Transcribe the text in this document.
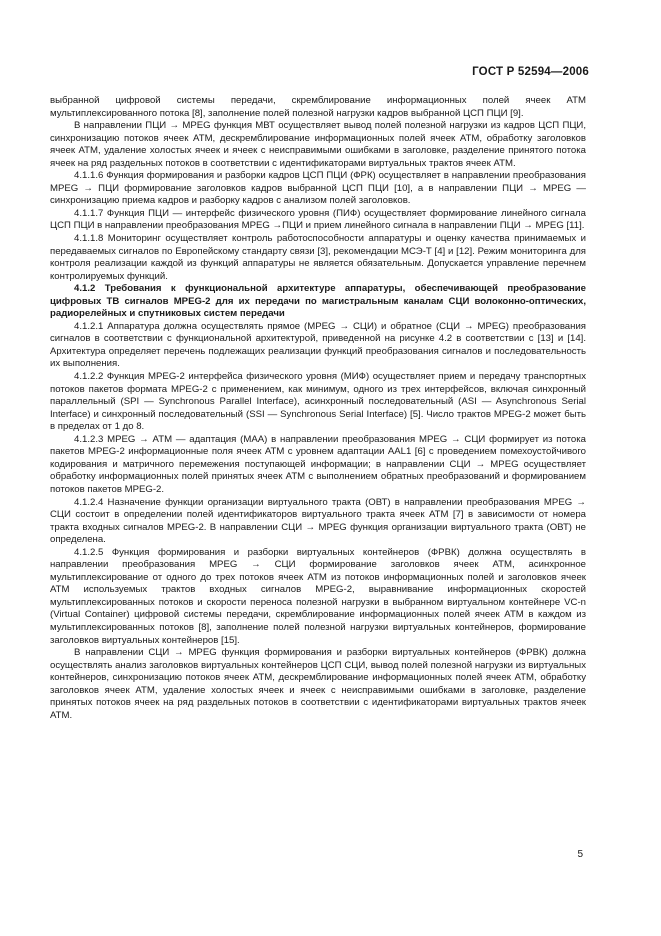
ГОСТ Р 52594—2006

выбранной цифровой системы передачи, скремблирование информационных полей ячеек АТМ мультиплексированного потока [8], заполнение полей полезной нагрузки кадров выбранной ЦСП ПЦИ [9].

В направлении ПЦИ → MPEG функция МВТ осуществляет вывод полей полезной нагрузки из кадров ЦСП ПЦИ, синхронизацию потоков ячеек АТМ, дескремблирование информационных полей ячеек АТМ, обработку заголовков ячеек АТМ, удаление холостых ячеек и ячеек с неисправимыми ошибками в заголовке, разделение принятого потока ячеек на ряд раздельных потоков в соответствии с идентификаторами виртуальных трактов ячеек АТМ.

4.1.1.6 Функция формирования и разборки кадров ЦСП ПЦИ (ФРК) осуществляет в направлении преобразования MPEG → ПЦИ формирование заголовков кадров выбранной ЦСП ПЦИ [10], а в направлении ПЦИ → MPEG — синхронизацию приема кадров и разборку кадров с анализом полей заголовков.

4.1.1.7 Функция ПЦИ — интерфейс физического уровня (ПИФ) осуществляет формирование линейного сигнала ЦСП ПЦИ в направлении преобразования MPEG →ПЦИ и прием линейного сигнала в направлении ПЦИ → MPEG [11].

4.1.1.8 Мониторинг осуществляет контроль работоспособности аппаратуры и оценку качества принимаемых и передаваемых сигналов по Европейскому стандарту связи [3], рекомендации МСЭ-Т [4] и [12]. Режим мониторинга для контроля реализации каждой из функций аппаратуры не является обязательным. Допускается управление перечнем контролируемых функций.

4.1.2 Требования к функциональной архитектуре аппаратуры, обеспечивающей преобразование цифровых ТВ сигналов MPEG-2 для их передачи по магистральным каналам СЦИ волоконно-оптических, радиорелейных и спутниковых систем передачи

4.1.2.1 Аппаратура должна осуществлять прямое (MPEG → СЦИ) и обратное (СЦИ → MPEG) преобразования сигналов в соответствии с функциональной архитектурой, приведенной на рисунке 4.2 в соответствии с [13] и [14]. Архитектура определяет перечень подлежащих реализации функций преобразования сигналов и последовательность их выполнения.

4.1.2.2 Функция MPEG-2 интерфейса физического уровня (МИФ) осуществляет прием и передачу транспортных потоков пакетов формата MPEG-2 с применением, как минимум, одного из трех интерфейсов, включая синхронный параллельный (SPI — Synchronous Parallel Interface), асинхронный последовательный (ASI — Asynchronous Serial Interface) и синхронный последовательный (SSI — Synchronous Serial Interface) [5]. Число трактов MPEG-2 может быть в пределах от 1 до 8.

4.1.2.3 MPEG → АТМ — адаптация (МАА) в направлении преобразования MPEG → СЦИ формирует из потока пакетов MPEG-2 информационные поля ячеек АТМ с уровнем адаптации AAL1 [6] с проведением помехоустойчивого кодирования и матричного перемежения поступающей информации; в направлении СЦИ → MPEG осуществляет обработку информационных полей принятых ячеек АТМ с выполнением обратных преобразований и формированием потоков пакетов MPEG-2.

4.1.2.4 Назначение функции организации виртуального тракта (ОВТ) в направлении преобразования MPEG → СЦИ состоит в определении полей идентификаторов виртуального тракта ячеек АТМ [7] в зависимости от номера тракта входных сигналов MPEG-2. В направлении СЦИ → MPEG функция организации виртуального тракта (ОВТ) не определена.

4.1.2.5 Функция формирования и разборки виртуальных контейнеров (ФРВК) должна осуществлять в направлении преобразования MPEG → СЦИ формирование заголовков ячеек АТМ, асинхронное мультиплексирование от одного до трех потоков ячеек АТМ из потоков информационных полей и заголовков ячеек АТМ используемых трактов входных сигналов MPEG-2, выравнивание информационных скоростей мультиплексированных потоков и скорости переноса полезной нагрузки в выбранном виртуальном контейнере VC-n (Virtual Container) цифровой системы передачи, скремблирование информационных полей ячеек АТМ в каждом из мультиплексированных потоков [8], заполнение полей полезной нагрузки виртуальных контейнеров, формирование заголовков виртуальных контейнеров [15].

В направлении СЦИ → MPEG функция формирования и разборки виртуальных контейнеров (ФРВК) должна осуществлять анализ заголовков виртуальных контейнеров ЦСП СЦИ, вывод полей полезной нагрузки из виртуальных контейнеров, синхронизацию потоков ячеек АТМ, дескремблирование информационных полей ячеек АТМ, обработку заголовков ячеек АТМ, удаление холостых ячеек и ячеек с неисправимыми ошибками в заголовке, разделение принятых потоков ячеек на ряд раздельных потоков в соответствии с идентификаторами виртуальных трактов ячеек АТМ.

5
